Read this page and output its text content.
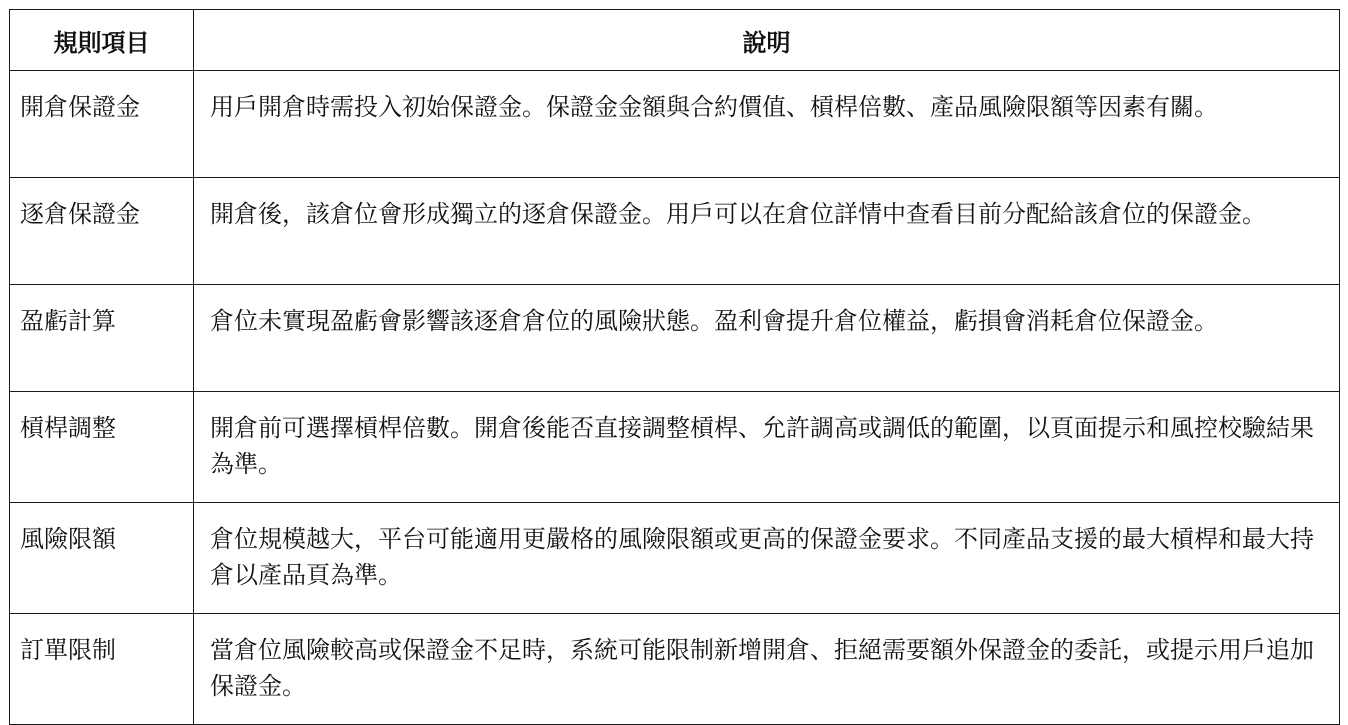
規則項目	說明
開倉保證金	用戶開倉時需投入初始保證金。保證金金額與合約價值、槓桿倍數、產品風險限額等因素有關。
逐倉保證金	開倉後，該倉位會形成獨立的逐倉保證金。用戶可以在倉位詳情中查看目前分配給該倉位的保證金。
盈虧計算	倉位未實現盈虧會影響該逐倉倉位的風險狀態。盈利會提升倉位權益，虧損會消耗倉位保證金。
槓桿調整	開倉前可選擇槓桿倍數。開倉後能否直接調整槓桿、允許調高或調低的範圍，以頁面提示和風控校驗結果為準。
風險限額	倉位規模越大，平台可能適用更嚴格的風險限額或更高的保證金要求。不同產品支援的最大槓桿和最大持倉以產品頁為準。
訂單限制	當倉位風險較高或保證金不足時，系統可能限制新增開倉、拒絕需要額外保證金的委託，或提示用戶追加保證金。
